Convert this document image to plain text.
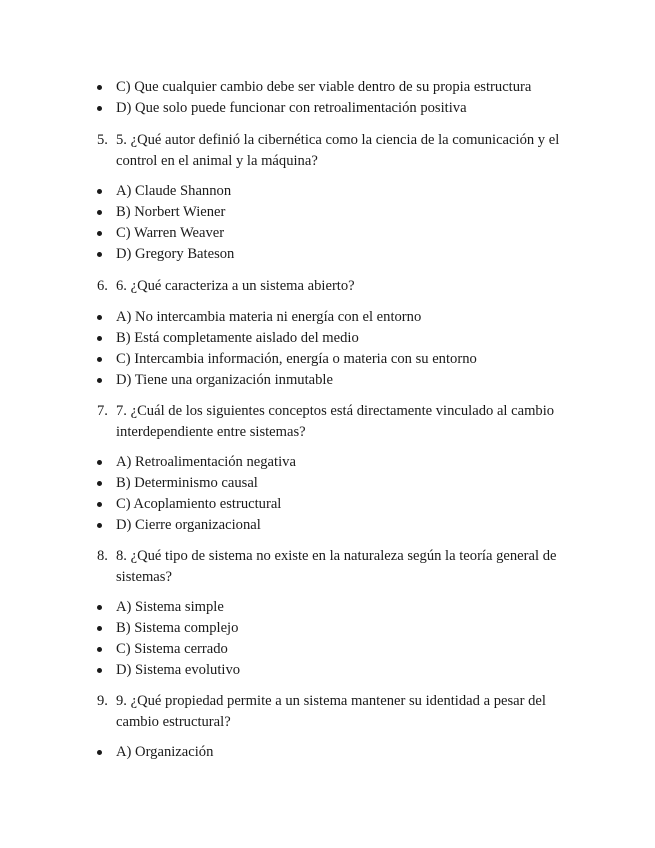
C) Que cualquier cambio debe ser viable dentro de su propia estructura
D) Que solo puede funcionar con retroalimentación positiva
5. 5. ¿Qué autor definió la cibernética como la ciencia de la comunicación y el control en el animal y la máquina?
A) Claude Shannon
B) Norbert Wiener
C) Warren Weaver
D) Gregory Bateson
6. 6. ¿Qué caracteriza a un sistema abierto?
A) No intercambia materia ni energía con el entorno
B) Está completamente aislado del medio
C) Intercambia información, energía o materia con su entorno
D) Tiene una organización inmutable
7. 7. ¿Cuál de los siguientes conceptos está directamente vinculado al cambio interdependiente entre sistemas?
A) Retroalimentación negativa
B) Determinismo causal
C) Acoplamiento estructural
D) Cierre organizacional
8. 8. ¿Qué tipo de sistema no existe en la naturaleza según la teoría general de sistemas?
A) Sistema simple
B) Sistema complejo
C) Sistema cerrado
D) Sistema evolutivo
9. 9. ¿Qué propiedad permite a un sistema mantener su identidad a pesar del cambio estructural?
A) Organización
